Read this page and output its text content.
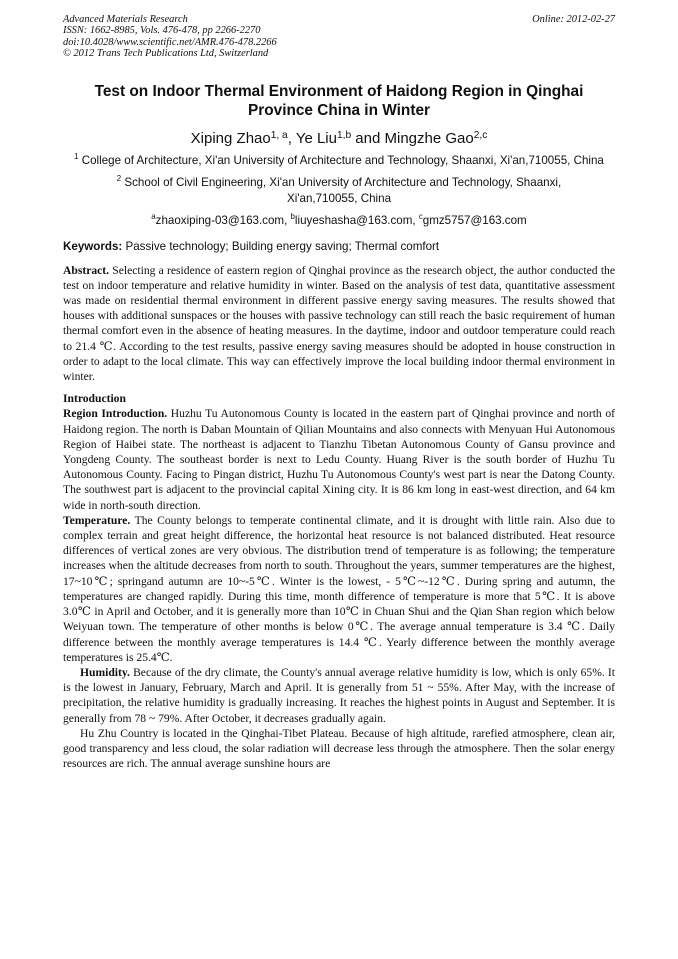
Advanced Materials Research
ISSN: 1662-8985, Vols. 476-478, pp 2266-2270
doi:10.4028/www.scientific.net/AMR.476-478.2266
© 2012 Trans Tech Publications Ltd, Switzerland
Online: 2012-02-27
Test on Indoor Thermal Environment of Haidong Region in Qinghai Province China in Winter
Xiping Zhao$^{1, a}$, Ye Liu$^{1,b}$ and Mingzhe Gao$^{2,c}$
$^1$ College of Architecture, Xi'an University of Architecture and Technology, Shaanxi, Xi'an,710055, China
$^2$ School of Civil Engineering, Xi'an University of Architecture and Technology, Shaanxi, Xi'an,710055, China
$^a$zhaoxiping-03@163.com, $^b$liuyeshasha@163.com, $^c$gmz5757@163.com
Keywords: Passive technology; Building energy saving; Thermal comfort
Abstract. Selecting a residence of eastern region of Qinghai province as the research object, the author conducted the test on indoor temperature and relative humidity in winter. Based on the analysis of test data, quantitative assessment was made on residential thermal environment in different passive energy saving measures. The results showed that houses with additional sunspaces or the houses with passive technology can still reach the basic requirement of human thermal comfort even in the absence of heating measures. In the daytime, indoor and outdoor temperature could reach to 21.4 ℃. According to the test results, passive energy saving measures should be adopted in house construction in order to adapt to the local climate. This way can effectively improve the local building indoor thermal environment in winter.
Introduction
Region Introduction. Huzhu Tu Autonomous County is located in the eastern part of Qinghai province and north of Haidong region. The north is Daban Mountain of Qilian Mountains and also connects with Menyuan Hui Autonomous Region of Haibei state. The northeast is adjacent to Tianzhu Tibetan Autonomous County of Gansu province and Yongdeng County. The southeast border is next to Ledu County. Huang River is the south border of Huzhu Tu Autonomous County. Facing to Pingan district, Huzhu Tu Autonomous County's west part is near the Datong County. The southwest part is adjacent to the provincial capital Xining city. It is 86 km long in east-west direction, and 64 km wide in north-south direction.
Temperature. The County belongs to temperate continental climate, and it is drought with little rain. Also due to complex terrain and great height difference, the horizontal heat resource is not balanced distributed. Heat resource differences of vertical zones are very obvious. The distribution trend of temperature is as following; the temperature increases when the altitude decreases from north to south. Throughout the years, summer temperatures are the highest, 17~10℃; springand autumn are 10~-5℃. Winter is the lowest, - 5℃~-12℃. During spring and autumn, the temperatures are changed rapidly. During this time, month difference of temperature is more that 5℃. It is above 3.0℃ in April and October, and it is generally more than 10℃ in Chuan Shui and the Qian Shan region which below Weiyuan town. The temperature of other months is below 0℃. The average annual temperature is 3.4 ℃. Daily difference between the monthly average temperatures is 14.4 ℃. Yearly difference between the monthly average temperatures is 25.4℃.
Humidity. Because of the dry climate, the County's annual average relative humidity is low, which is only 65%. It is the lowest in January, February, March and April. It is generally from 51 ~ 55%. After May, with the increase of precipitation, the relative humidity is gradually increasing. It reaches the highest points in August and September. It is generally from 78 ~ 79%. After October, it decreases gradually again.
Hu Zhu Country is located in the Qinghai-Tibet Plateau. Because of high altitude, rarefied atmosphere, clean air, good transparency and less cloud, the solar radiation will decrease less through the atmosphere. Then the solar energy resources are rich. The annual average sunshine hours are
